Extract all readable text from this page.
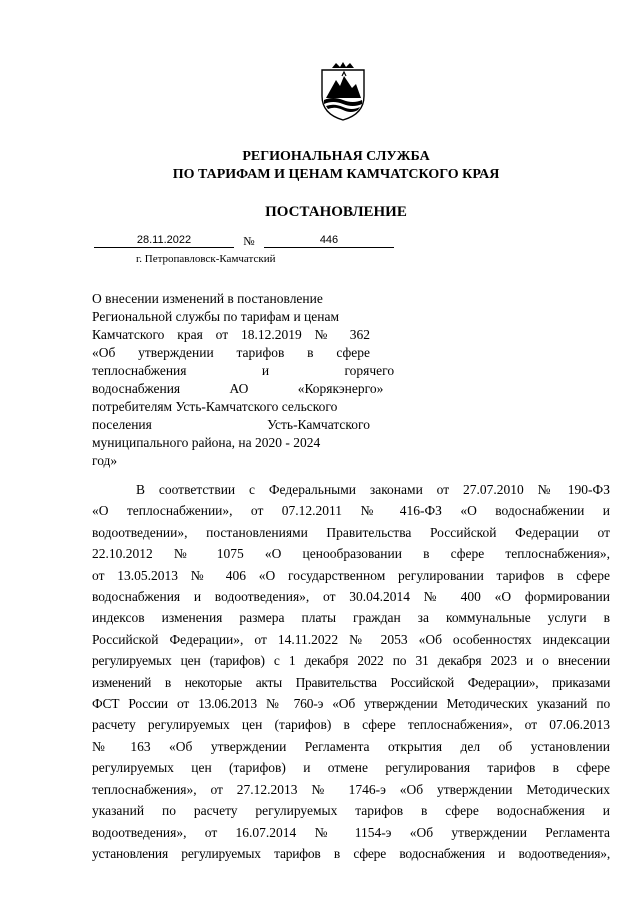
РЕГИОНАЛЬНАЯ СЛУЖБА
ПО ТАРИФАМ И ЦЕНАМ КАМЧАТСКОГО КРАЯ
ПОСТАНОВЛЕНИЕ
28.11.2022	№	446
г. Петропавловск-Камчатский
О внесении изменений в постановление
Региональной службы по тарифам и ценам
Камчатского края от 18.12.2019 № 362
«Об утверждении тарифов в сфере
теплоснабжения и горячего
водоснабжения АО «Корякэнерго»
потребителям Усть-Камчатского сельского
поселения Усть-Камчатского
муниципального района, на 2020 - 2024
год»
В соответствии с Федеральными законами от 27.07.2010 № 190-ФЗ
«О теплоснабжении», от 07.12.2011 № 416-ФЗ «О водоснабжении и
водоотведении», постановлениями Правительства Российской Федерации от
22.10.2012 № 1075 «О ценообразовании в сфере теплоснабжения»,
от 13.05.2013 № 406 «О государственном регулировании тарифов в сфере
водоснабжения и водоотведения», от 30.04.2014 № 400 «О формировании
индексов изменения размера платы граждан за коммунальные услуги в
Российской Федерации», от 14.11.2022 № 2053 «Об особенностях индексации
регулируемых цен (тарифов) с 1 декабря 2022 по 31 декабря 2023 и о внесении
изменений в некоторые акты Правительства Российской Федерации», приказами
ФСТ России от 13.06.2013 № 760-э «Об утверждении Методических указаний по
расчету регулируемых цен (тарифов) в сфере теплоснабжения», от 07.06.2013
№ 163 «Об утверждении Регламента открытия дел об установлении
регулируемых цен (тарифов) и отмене регулирования тарифов в сфере
теплоснабжения», от 27.12.2013 № 1746-э «Об утверждении Методических
указаний по расчету регулируемых тарифов в сфере водоснабжения и
водоотведения», от 16.07.2014 № 1154-э «Об утверждении Регламента
установления регулируемых тарифов в сфере водоснабжения и водоотведения»,
